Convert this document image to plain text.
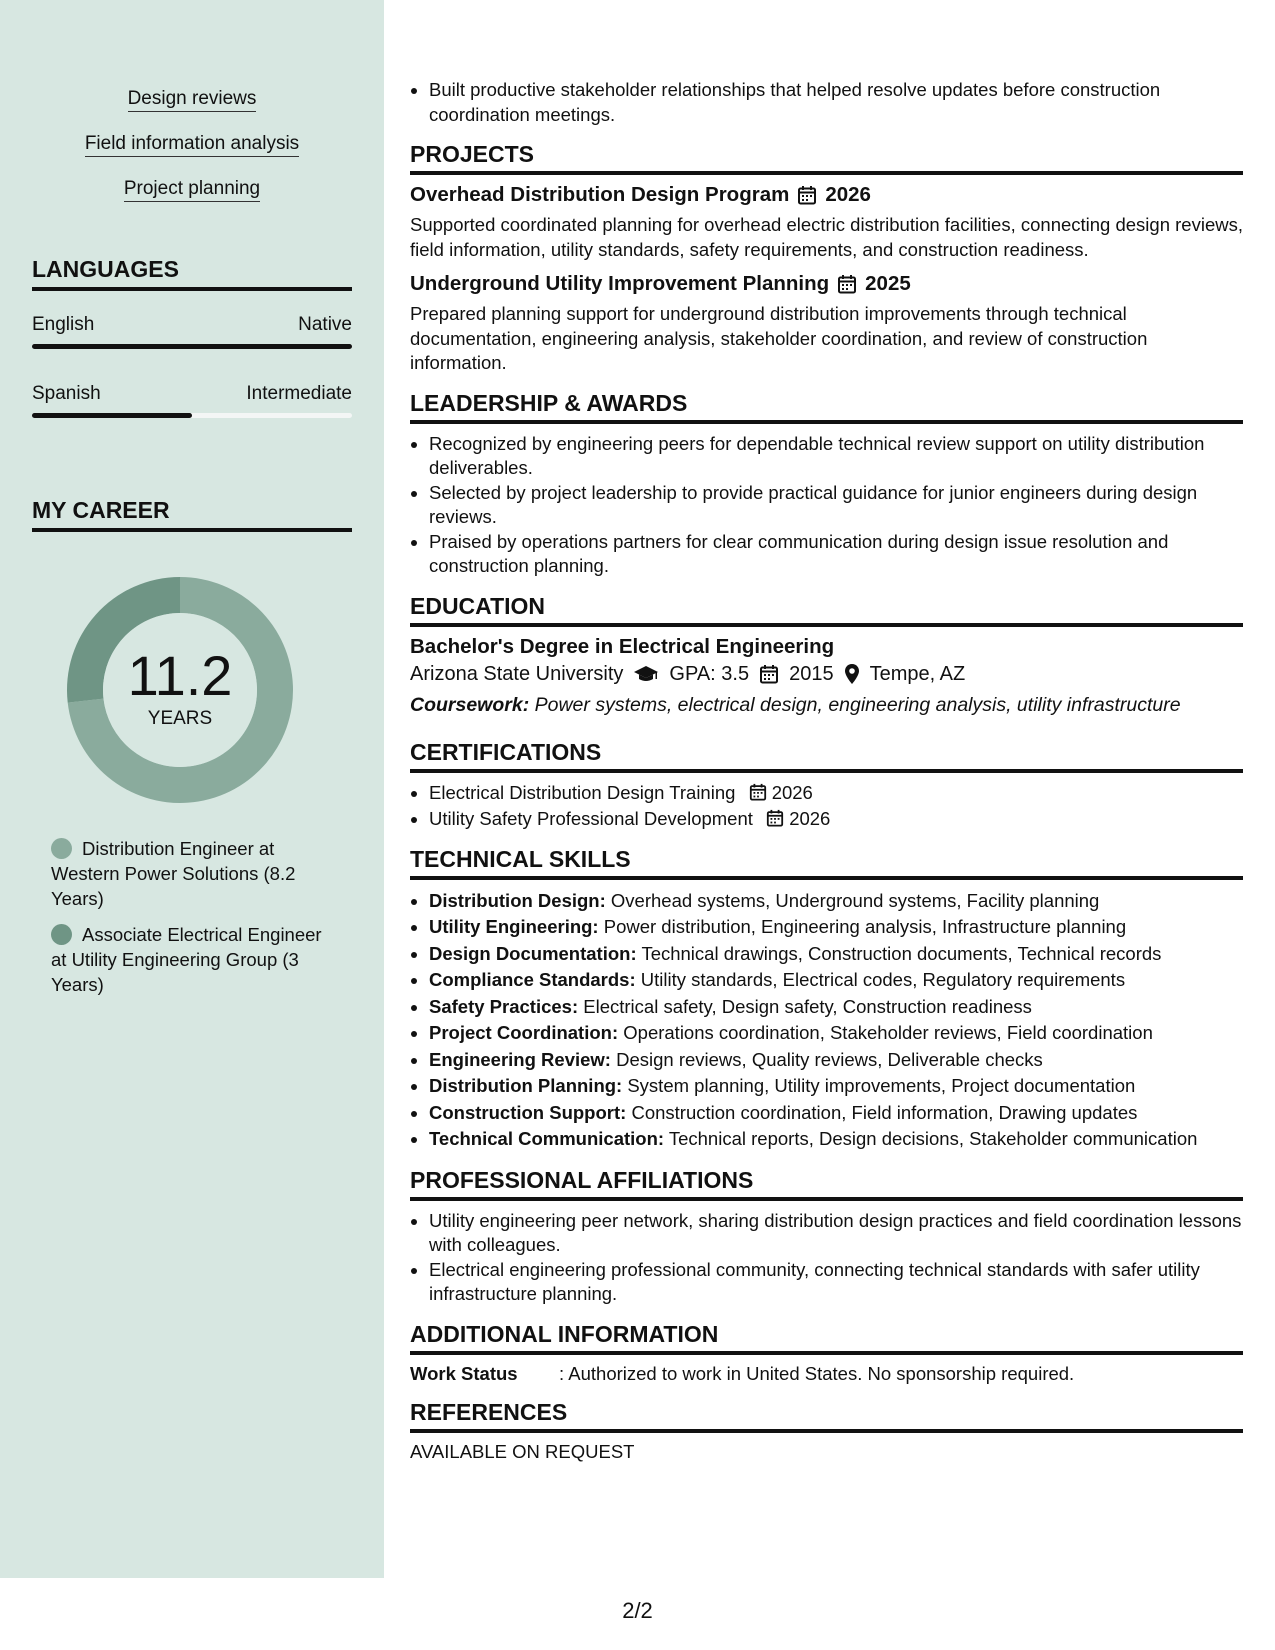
Design reviews
Field information analysis
Project planning
LANGUAGES
English	Native
Spanish	Intermediate
MY CAREER
11.2
YEARS
Distribution Engineer at Western Power Solutions (8.2 Years)
Associate Electrical Engineer at Utility Engineering Group (3 Years)
• Built productive stakeholder relationships that helped resolve updates before construction coordination meetings.
PROJECTS
Overhead Distribution Design Program 2026
Supported coordinated planning for overhead electric distribution facilities, connecting design reviews, field information, utility standards, safety requirements, and construction readiness.
Underground Utility Improvement Planning 2025
Prepared planning support for underground distribution improvements through technical documentation, engineering analysis, stakeholder coordination, and review of construction information.
LEADERSHIP & AWARDS
• Recognized by engineering peers for dependable technical review support on utility distribution deliverables.
• Selected by project leadership to provide practical guidance for junior engineers during design reviews.
• Praised by operations partners for clear communication during design issue resolution and construction planning.
EDUCATION
Bachelor's Degree in Electrical Engineering
Arizona State University GPA: 3.5 2015 Tempe, AZ
Coursework: Power systems, electrical design, engineering analysis, utility infrastructure
CERTIFICATIONS
• Electrical Distribution Design Training 2026
• Utility Safety Professional Development 2026
TECHNICAL SKILLS
• Distribution Design: Overhead systems, Underground systems, Facility planning
• Utility Engineering: Power distribution, Engineering analysis, Infrastructure planning
• Design Documentation: Technical drawings, Construction documents, Technical records
• Compliance Standards: Utility standards, Electrical codes, Regulatory requirements
• Safety Practices: Electrical safety, Design safety, Construction readiness
• Project Coordination: Operations coordination, Stakeholder reviews, Field coordination
• Engineering Review: Design reviews, Quality reviews, Deliverable checks
• Distribution Planning: System planning, Utility improvements, Project documentation
• Construction Support: Construction coordination, Field information, Drawing updates
• Technical Communication: Technical reports, Design decisions, Stakeholder communication
PROFESSIONAL AFFILIATIONS
• Utility engineering peer network, sharing distribution design practices and field coordination lessons with colleagues.
• Electrical engineering professional community, connecting technical standards with safer utility infrastructure planning.
ADDITIONAL INFORMATION
Work Status	: Authorized to work in United States. No sponsorship required.
REFERENCES
AVAILABLE ON REQUEST
2/2
